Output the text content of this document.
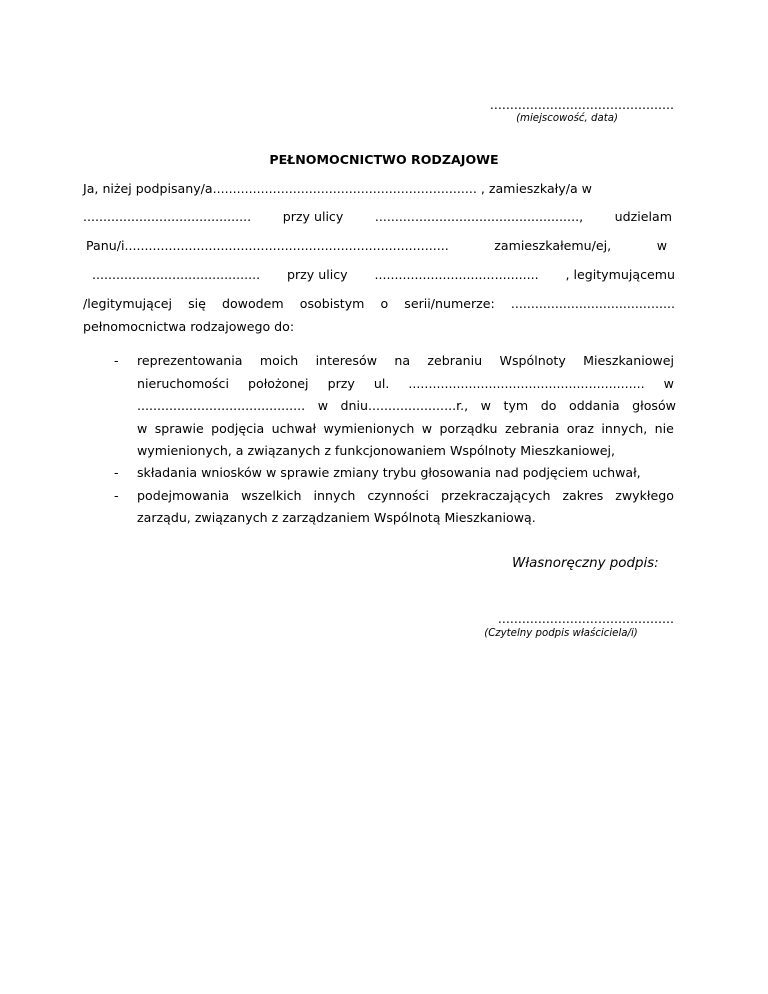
..............................................
(miejscowość, data)
PEŁNOMOCNICTWO RODZAJOWE
Ja, niżej podpisany/a.................................................................. , zamieszkały/a w
..........................................	przy ulicy	...................................................,	udzielam
Panu/i.................................................................................	zamieszkałemu/ej,	w
.......................................... przy ulicy ......................................... , legitymującemu
/legitymującej się dowodem osobistym o serii/numerze: .........................................
pełnomocnictwa rodzajowego do:
- reprezentowania moich interesów na zebraniu Wspólnoty Mieszkaniowej
nieruchomości położonej przy ul. ........................................................... w
.......................................... w dniu......................r., w tym do oddania głosów
w sprawie podjęcia uchwał wymienionych w porządku zebrania oraz innych, nie
wymienionych, a związanych z funkcjonowaniem Wspólnoty Mieszkaniowej,
- składania wniosków w sprawie zmiany trybu głosowania nad podjęciem uchwał,
- podejmowania wszelkich innych czynności przekraczających zakres zwykłego
zarządu, związanych z zarządzaniem Wspólnotą Mieszkaniową.
Własnoręczny podpis:
............................................
(Czytelny podpis właściciela/i)
